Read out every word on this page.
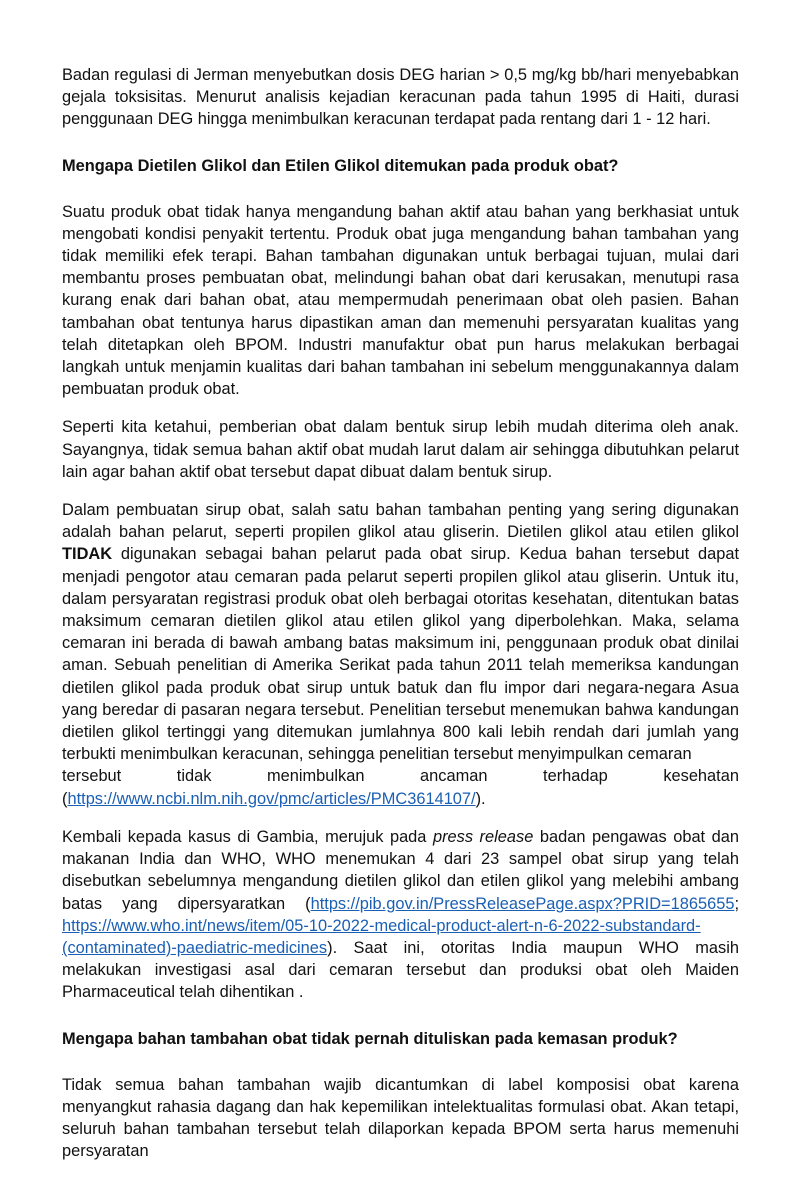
Badan regulasi di Jerman menyebutkan dosis DEG harian > 0,5 mg/kg bb/hari menyebabkan gejala toksisitas. Menurut analisis kejadian keracunan pada tahun 1995 di Haiti, durasi penggunaan DEG hingga menimbulkan keracunan terdapat pada rentang dari 1 - 12 hari.

Mengapa Dietilen Glikol dan Etilen Glikol ditemukan pada produk obat?

Suatu produk obat tidak hanya mengandung bahan aktif atau bahan yang berkhasiat untuk mengobati kondisi penyakit tertentu. Produk obat juga mengandung bahan tambahan yang tidak memiliki efek terapi. Bahan tambahan digunakan untuk berbagai tujuan, mulai dari membantu proses pembuatan obat, melindungi bahan obat dari kerusakan, menutupi rasa kurang enak dari bahan obat, atau mempermudah penerimaan obat oleh pasien. Bahan tambahan obat tentunya harus dipastikan aman dan memenuhi persyaratan kualitas yang telah ditetapkan oleh BPOM. Industri manufaktur obat pun harus melakukan berbagai langkah untuk menjamin kualitas dari bahan tambahan ini sebelum menggunakannya dalam pembuatan produk obat.

Seperti kita ketahui, pemberian obat dalam bentuk sirup lebih mudah diterima oleh anak. Sayangnya, tidak semua bahan aktif obat mudah larut dalam air sehingga dibutuhkan pelarut lain agar bahan aktif obat tersebut dapat dibuat dalam bentuk sirup.

Dalam pembuatan sirup obat, salah satu bahan tambahan penting yang sering digunakan adalah bahan pelarut, seperti propilen glikol atau gliserin. Dietilen glikol atau etilen glikol TIDAK digunakan sebagai bahan pelarut pada obat sirup. Kedua bahan tersebut dapat menjadi pengotor atau cemaran pada pelarut seperti propilen glikol atau gliserin. Untuk itu, dalam persyaratan registrasi produk obat oleh berbagai otoritas kesehatan, ditentukan batas maksimum cemaran dietilen glikol atau etilen glikol yang diperbolehkan. Maka, selama cemaran ini berada di bawah ambang batas maksimum ini, penggunaan produk obat dinilai aman. Sebuah penelitian di Amerika Serikat pada tahun 2011 telah memeriksa kandungan dietilen glikol pada produk obat sirup untuk batuk dan flu impor dari negara-negara Asua yang beredar di pasaran negara tersebut. Penelitian tersebut menemukan bahwa kandungan dietilen glikol tertinggi yang ditemukan jumlahnya 800 kali lebih rendah dari jumlah yang terbukti menimbulkan keracunan, sehingga penelitian tersebut menyimpulkan cemaran

tersebut	tidak	menimbulkan	ancaman	terhadap	kesehatan

(https://www.ncbi.nlm.nih.gov/pmc/articles/PMC3614107/).

Kembali kepada kasus di Gambia, merujuk pada press release badan pengawas obat dan makanan India dan WHO, WHO menemukan 4 dari 23 sampel obat sirup yang telah disebutkan sebelumnya mengandung dietilen glikol dan etilen glikol yang melebihi ambang batas yang dipersyaratkan (https://pib.gov.in/PressReleasePage.aspx?PRID=1865655; https://www.who.int/news/item/05-10-2022-medical-product-alert-n-6-2022-substandard-(contaminated)-paediatric-medicines). Saat ini, otoritas India maupun WHO masih melakukan investigasi asal dari cemaran tersebut dan produksi obat oleh Maiden Pharmaceutical telah dihentikan .

Mengapa bahan tambahan obat tidak pernah dituliskan pada kemasan produk?

Tidak semua bahan tambahan wajib dicantumkan di label komposisi obat karena menyangkut rahasia dagang dan hak kepemilikan intelektualitas formulasi obat. Akan tetapi, seluruh bahan tambahan tersebut telah dilaporkan kepada BPOM serta harus memenuhi persyaratan
